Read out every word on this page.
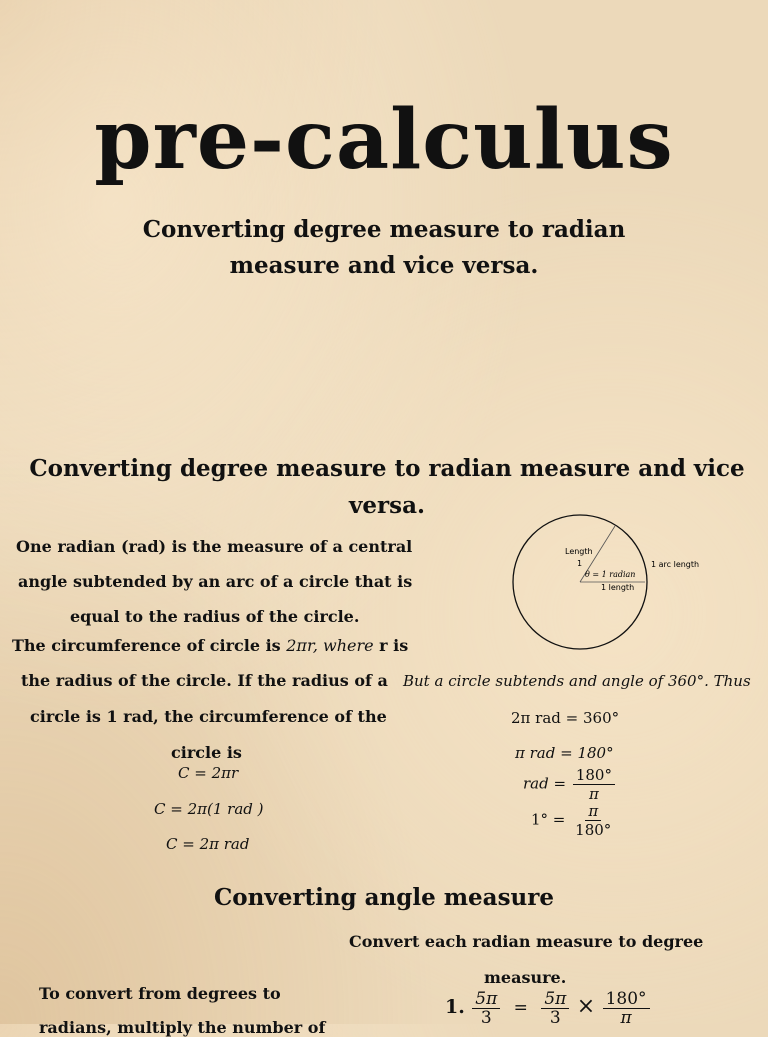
pre-calculus
Converting degree measure to radian measure and vice versa.
Converting degree measure to radian measure and vice versa.
One radian (rad) is the measure of a central
angle subtended by an arc of a circle that is
equal to the radius of the circle.
The circumference of circle is 2πr, where r is
the radius of the circle. If the radius of a
circle is 1 rad, the circumference of the
circle is
C = 2πr
C = 2π(1 rad )
C = 2π rad
Length
1
θ = 1 radian
1 length
1 arc length
But a circle subtends and angle of 360°. Thus
2π rad = 360°
π rad = 180°
rad = $\frac{180^\circ}{\pi}$
$1^\circ = \frac{\pi}{180^\circ}$
Converting angle measure
Convert each radian measure to degree
measure.
To convert from degrees to
radians, multiply the number of
1. $\frac{5\pi}{3} = \frac{5\pi}{3} \times \frac{180^\circ}{\pi}$
